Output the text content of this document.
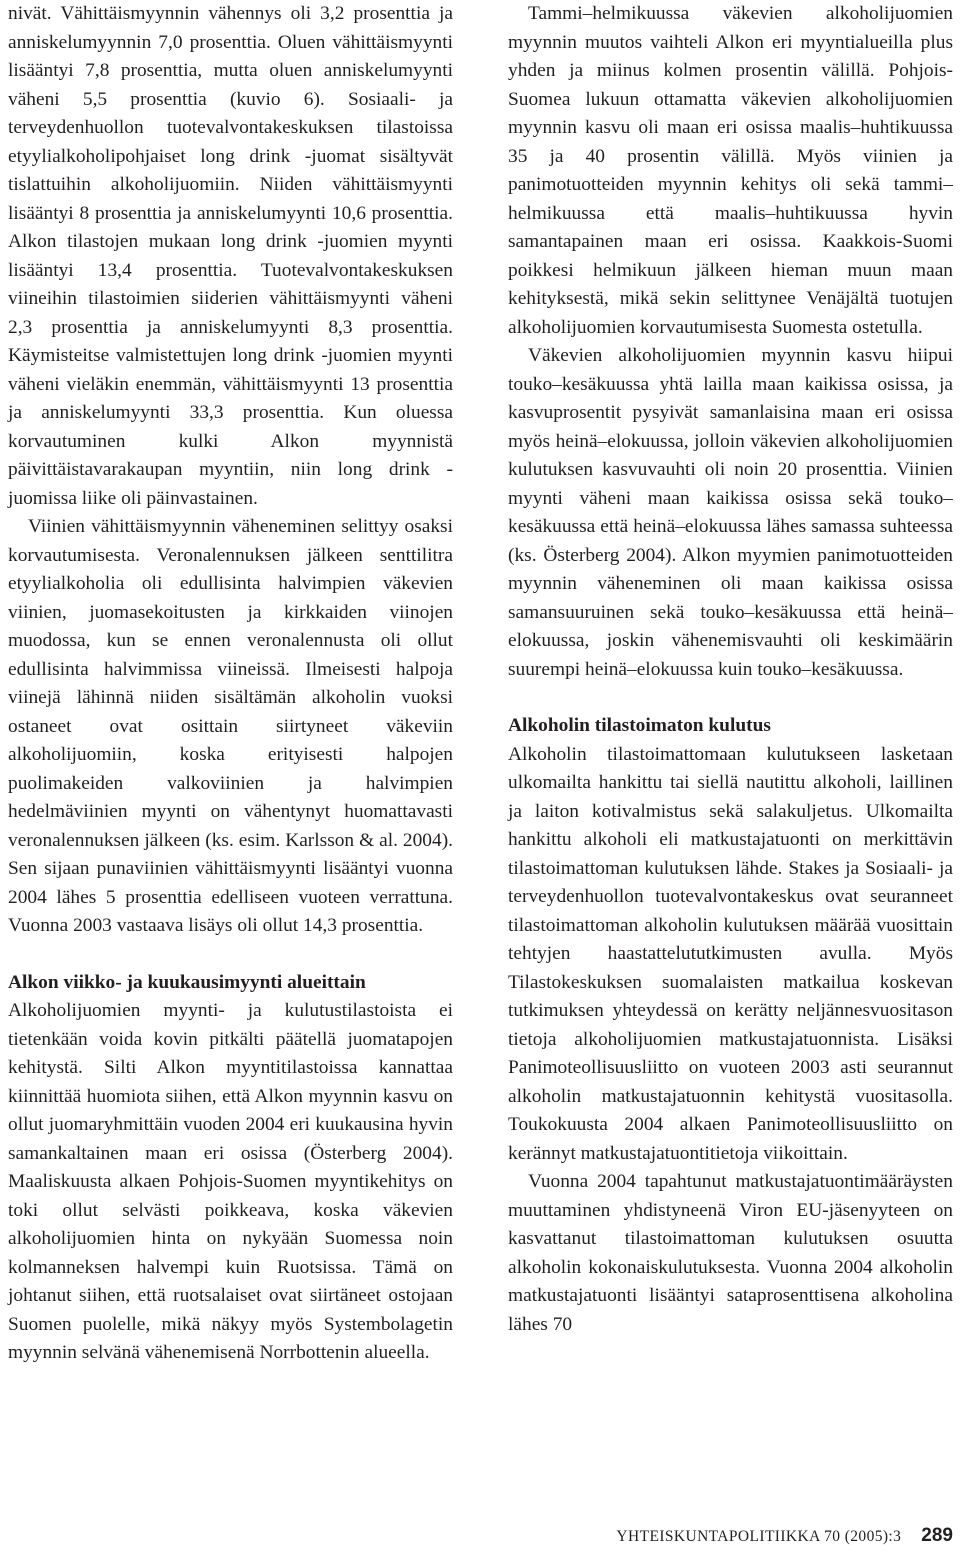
nivät. Vähittäismyynnin vähennys oli 3,2 prosenttia ja anniskelumyynnin 7,0 prosenttia. Oluen vähittäismyynti lisääntyi 7,8 prosenttia, mutta oluen anniskelumyynti väheni 5,5 prosenttia (kuvio 6). Sosiaali- ja terveydenhuollon tuotevalvontakeskuksen tilastoissa etyylialkoholipohjaiset long drink -juomat sisältyvät tislattuihin alkoholijuomiin. Niiden vähittäismyynti lisääntyi 8 prosenttia ja anniskelumyynti 10,6 prosenttia. Alkon tilastojen mukaan long drink -juomien myynti lisääntyi 13,4 prosenttia. Tuotevalvontakeskuksen viineihin tilastoimien siiderien vähittäismyynti väheni 2,3 prosenttia ja anniskelumyynti 8,3 prosenttia. Käymisteitse valmistettujen long drink -juomien myynti väheni vieläkin enemmän, vähittäismyynti 13 prosenttia ja anniskelumyynti 33,3 prosenttia. Kun oluessa korvautuminen kulki Alkon myynnistä päivittäistavarakaupan myyntiin, niin long drink -juomissa liike oli päinvastainen.

Viinien vähittäismyynnin väheneminen selittyy osaksi korvautumisesta. Veronalennuksen jälkeen senttilitra etyylialkoholia oli edullisinta halvimpien väkevien viinien, juomasekoitusten ja kirkkaiden viinojen muodossa, kun se ennen veronalennusta oli ollut edullisinta halvimmissa viineissä. Ilmeisesti halpoja viinejä lähinnä niiden sisältämän alkoholin vuoksi ostaneet ovat osittain siirtyneet väkeviin alkoholijuomiin, koska erityisesti halpojen puolimakeiden valkoviinien ja halvimpien hedelmäviinien myynti on vähentynyt huomattavasti veronalennuksen jälkeen (ks. esim. Karlsson & al. 2004). Sen sijaan punaviinien vähittäismyynti lisääntyi vuonna 2004 lähes 5 prosenttia edelliseen vuoteen verrattuna. Vuonna 2003 vastaava lisäys oli ollut 14,3 prosenttia.

Alkon viikko- ja kuukausimyynti alueittain

Alkoholijuomien myynti- ja kulutustilastoista ei tietenkään voida kovin pitkälti päätellä juomatapojen kehitystä. Silti Alkon myyntitilastoissa kannattaa kiinnittää huomiota siihen, että Alkon myynnin kasvu on ollut juomaryhmittäin vuoden 2004 eri kuukausina hyvin samankaltainen maan eri osissa (Österberg 2004). Maaliskuusta alkaen Pohjois-Suomen myyntikehitys on toki ollut selvästi poikkeava, koska väkevien alkoholijuomien hinta on nykyään Suomessa noin kolmanneksen halvempi kuin Ruotsissa. Tämä on johtanut siihen, että ruotsalaiset ovat siirtäneet ostojaan Suomen puolelle, mikä näkyy myös Systembolagetin myynnin selvänä vähenemisenä Norrbottenin alueella.

Tammi–helmikuussa väkevien alkoholijuomien myynnin muutos vaihteli Alkon eri myyntialueilla plus yhden ja miinus kolmen prosentin välillä. Pohjois-Suomea lukuun ottamatta väkevien alkoholijuomien myynnin kasvu oli maan eri osissa maalis–huhtikuussa 35 ja 40 prosentin välillä. Myös viinien ja panimotuotteiden myynnin kehitys oli sekä tammi–helmikuussa että maalis–huhtikuussa hyvin samantapainen maan eri osissa. Kaakkois-Suomi poikkesi helmikuun jälkeen hieman muun maan kehityksestä, mikä sekin selittynee Venäjältä tuotujen alkoholijuomien korvautumisesta Suomesta ostetulla.

Väkevien alkoholijuomien myynnin kasvu hiipui touko–kesäkuussa yhtä lailla maan kaikissa osissa, ja kasvuprosentit pysyivät samanlaisina maan eri osissa myös heinä–elokuussa, jolloin väkevien alkoholijuomien kulutuksen kasvuvauhti oli noin 20 prosenttia. Viinien myynti väheni maan kaikissa osissa sekä touko–kesäkuussa että heinä–elokuussa lähes samassa suhteessa (ks. Österberg 2004). Alkon myymien panimotuotteiden myynnin väheneminen oli maan kaikissa osissa samansuuruinen sekä touko–kesäkuussa että heinä–elokuussa, joskin vähenemisvauhti oli keskimäärin suurempi heinä–elokuussa kuin touko–kesäkuussa.

Alkoholin tilastoimaton kulutus

Alkoholin tilastoimattomaan kulutukseen lasketaan ulkomailta hankittu tai siellä nautittu alkoholi, laillinen ja laiton kotivalmistus sekä salakuljetus. Ulkomailta hankittu alkoholi eli matkustajatuonti on merkittävin tilastoimattoman kulutuksen lähde. Stakes ja Sosiaali- ja terveydenhuollon tuotevalvontakeskus ovat seuranneet tilastoimattoman alkoholin kulutuksen määrää vuosittain tehtyjen haastattelututkimusten avulla. Myös Tilastokeskuksen suomalaisten matkailua koskevan tutkimuksen yhteydessä on kerätty neljännesvuositason tietoja alkoholijuomien matkustajatuonnista. Lisäksi Panimoteollisuusliitto on vuoteen 2003 asti seurannut alkoholin matkustajatuonnin kehitystä vuositasolla. Toukokuusta 2004 alkaen Panimoteollisuusliitto on kerännyt matkustajatuontitietoja viikoittain.

Vuonna 2004 tapahtunut matkustajatuontimääräysten muuttaminen yhdistyneenä Viron EU-jäsenyyteen on kasvattanut tilastoimattoman kulutuksen osuutta alkoholin kokonaiskulutuksesta. Vuonna 2004 alkoholin matkustajatuonti lisääntyi sataprosenttisena alkoholina lähes 70

YHTEISKUNTAPOLITIIKKA 70 (2005):3 289
